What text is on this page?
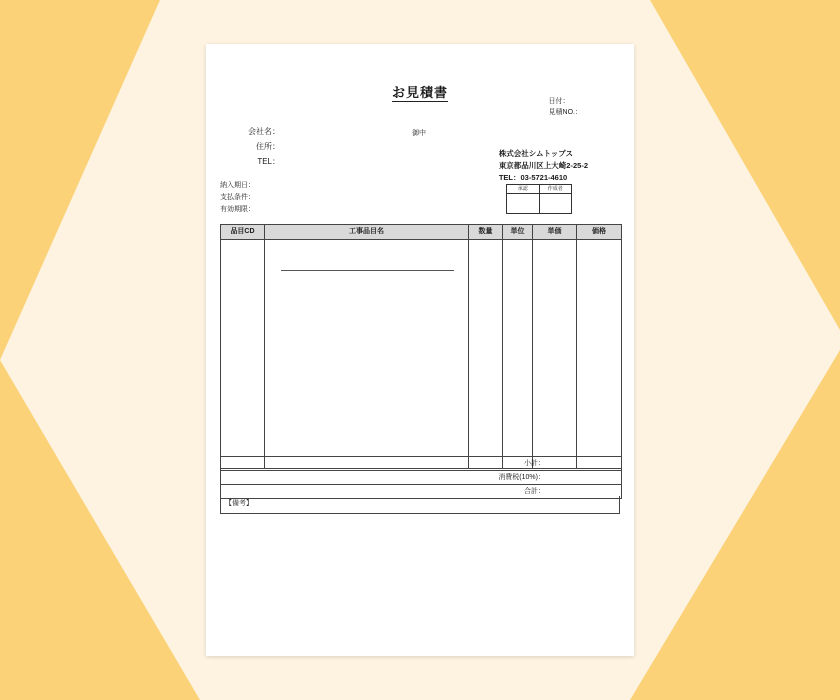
お見積書
日付：
見積NO.：
会社名：
住所：
TEL：
御中
株式会社シムトップス
東京都品川区上大崎2-25-2
TEL：03-5721-4610
承認	作成者
納入期日：
支払条件：
有効期限：
品目CD	工事品目名	数量	単位	単価	価格
小計：
消費税(10%)：
合計：
【備考】
